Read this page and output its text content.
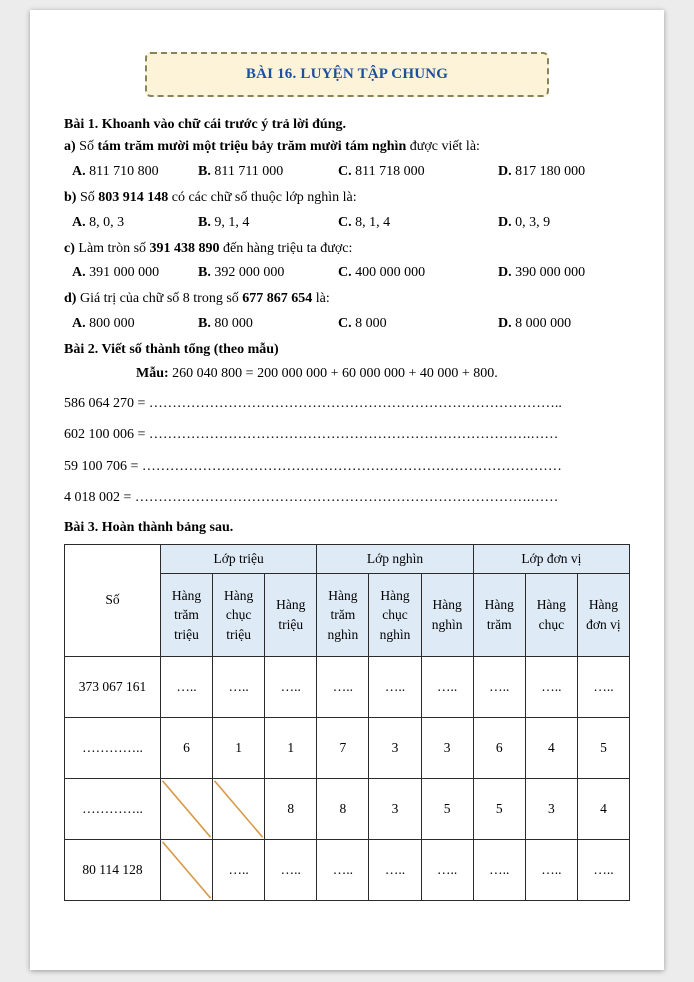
BÀI 16. LUYỆN TẬP CHUNG

Bài 1. Khoanh vào chữ cái trước ý trả lời đúng.

a) Số tám trăm mười một triệu bảy trăm mười tám nghìn được viết là:

A. 811 710 800	B. 811 711 000	C. 811 718 000	D. 817 180 000

b) Số 803 914 148 có các chữ số thuộc lớp nghìn là:

A. 8, 0, 3	B. 9, 1, 4	C. 8, 1, 4	D. 0, 3, 9

c) Làm tròn số 391 438 890 đến hàng triệu ta được:

A. 391 000 000	B. 392 000 000	C. 400 000 000	D. 390 000 000

d) Giá trị của chữ số 8 trong số 677 867 654 là:

A. 800 000	B. 80 000	C. 8 000	D. 8 000 000

Bài 2. Viết số thành tổng (theo mẫu)

Mẫu: 260 040 800 = 200 000 000 + 60 000 000 + 40 000 + 800.

586 064 270 = ……………………………………………………………………………..

602 100 006 = ……………………………………………………………………….……

59 100 706 = ………………………………………………………………………………

4 018 002 = ………………………………………………………………………….……

Bài 3. Hoàn thành bảng sau.

Số	Lớp triệu			Lớp nghìn			Lớp đơn vị		
	Hàng trăm triệu	Hàng chục triệu	Hàng triệu	Hàng trăm nghìn	Hàng chục nghìn	Hàng nghìn	Hàng trăm	Hàng chục	Hàng đơn vị
373 067 161	…..	…..	…..	…..	…..	…..	…..	…..	…..
…………..	6	1	1	7	3	3	6	4	5
…………..			8	8	3	5	5	3	4
80 114 128		…..	…..	…..	…..	…..	…..	…..	…..
